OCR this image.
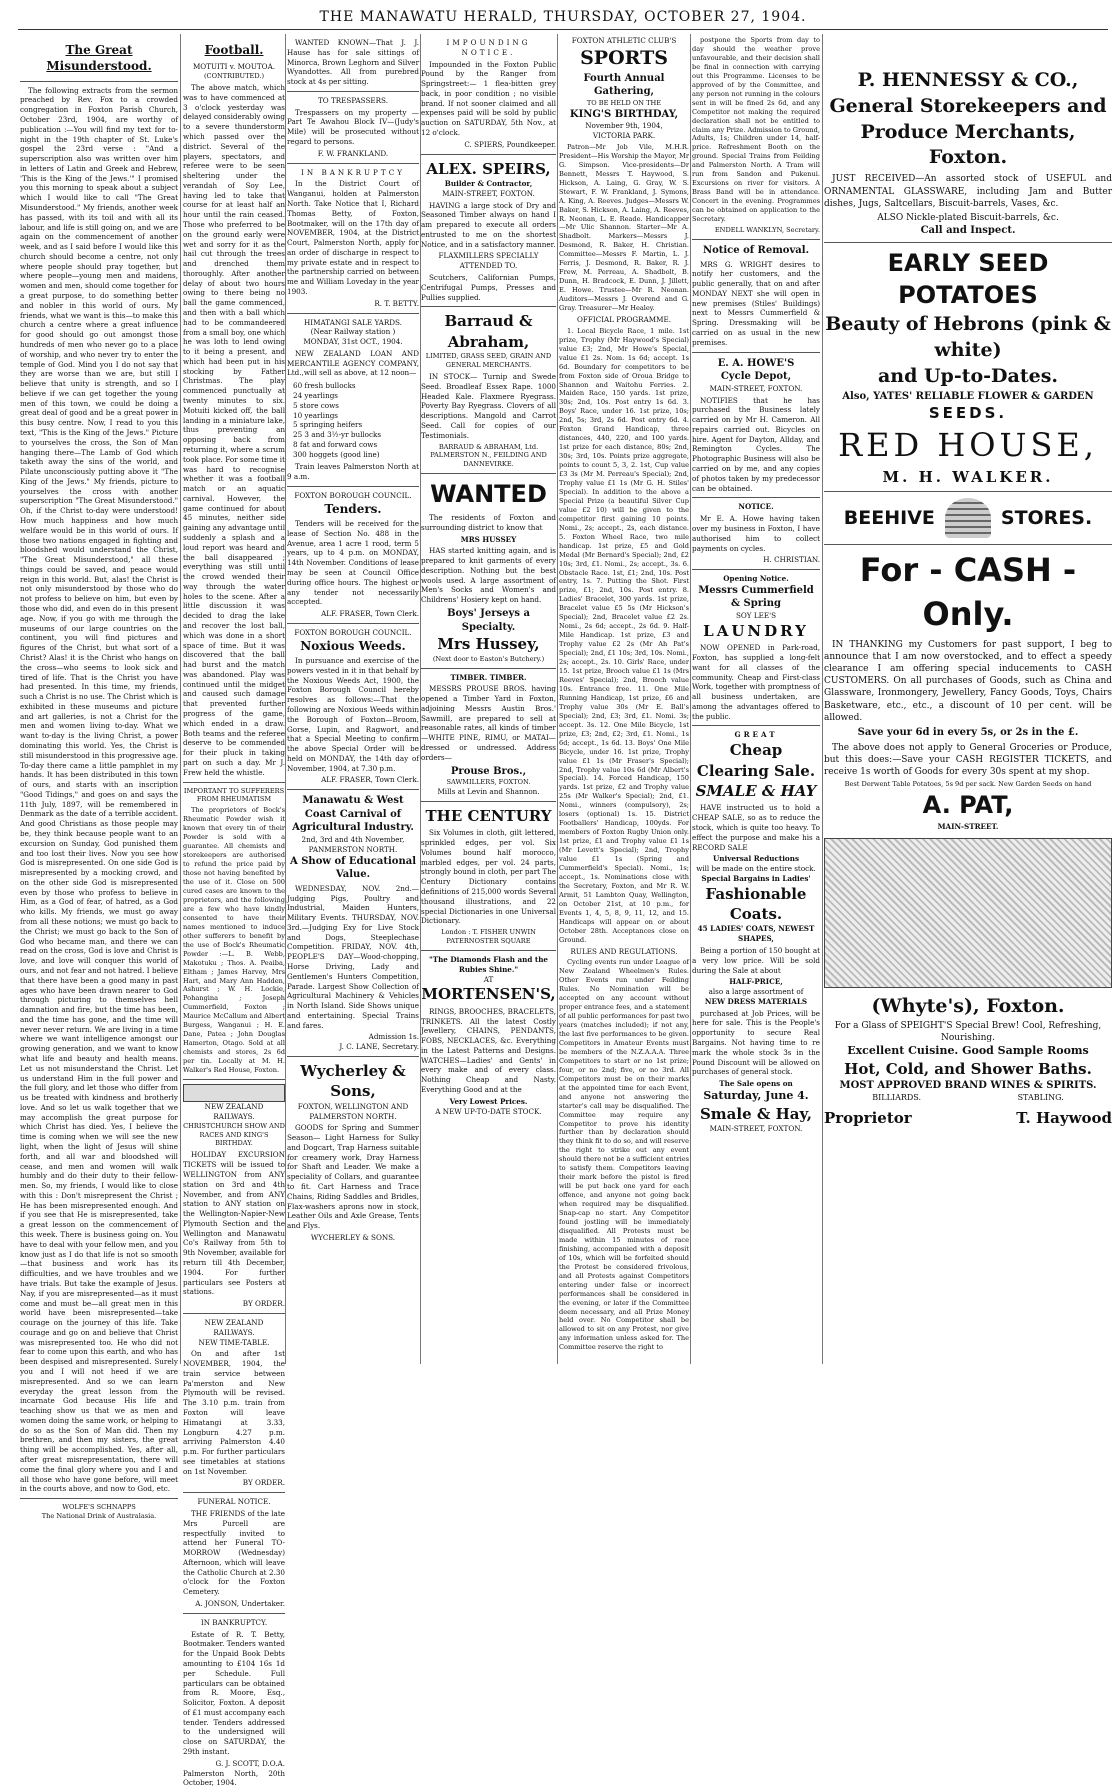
THE MANAWATU HERALD, THURSDAY, OCTOBER 27, 1904.
The Great Misunderstood.
The following extracts from the sermon preached by Rev. Fox to a crowded congregation in Foxton Parish Church, October 23rd, 1904, are worthy of publication :—You will find my text for to-night in the 19th chapter of St. Luke's gospel the 23rd verse : "And a superscription also was written over him in letters of Latin and Greek and Hebrew, 'This is the King of the Jews.'" I promised you this morning to speak about a subject which I would like to call "The Great Misunderstood." My friends, another week has passed, with its toil and with all its labour, and life is still going on, and we are again on the commencement of another week, and as I said before I would like this church should become a centre, not only where people should pray together, but where people—young men and maidens, women and men, should come together for a great purpose, to do something better and nobler in this world of ours. My friends, what we want is this—to make this church a centre where a great influence for good should go out amongst those hundreds of men who never go to a place of worship, and who never try to enter the temple of God. Mind you I do not say that they are worse than we are, but still I believe that unity is strength, and so I believe if we can get together the young men of this town, we could be doing a great deal of good and be a great power in this busy centre. Now, I read to you this text, "This is the King of the Jews." Picture to yourselves the cross, the Son of Man hanging there—The Lamb of God which taketh away the sins of the world, and Pilate unconsciously putting above it "The King of the Jews." My friends, picture to yourselves the cross with another superscription "The Great Misunderstood." Oh, if the Christ to-day were understood! How much happiness and how much welfare would be in this world of ours. If those two nations engaged in fighting and bloodshed would understand the Christ, "The Great Misunderstood," all these things could be saved, and peace would reign in this world. But, alas! the Christ is not only misunderstood by those who do not profess to believe on him, but even by those who did, and even do in this present age. Now, if you go with me through the museums of our large countries on the continent, you will find pictures and figures of the Christ, but what sort of a Christ? Alas! it is the Christ who hangs on the cross—who seems to look sick and tired of life. That is the Christ you have had presented. In this time, my friends, such a Christ is no use. The Christ which is exhibited in these museums and picture and art galleries, is not a Christ for the men and women living to-day. What we want to-day is the living Christ, a power dominating this world. Yes, the Christ is still misunderstood in this progressive age. To-day there came a little pamphlet in my hands. It has been distributed in this town of ours, and starts with an inscription "Good Tidings," and goes on and says the 11th July, 1897, will be remembered in Denmark as the date of a terrible accident. And good Christians as those people may be, they think because people want to an excursion on Sunday, God punished them and too lost their lives. Now you see how God is misrepresented. On one side God is misrepresented by a mocking crowd, and on the other side God is misrepresented even by those who profess to believe in Him, as a God of fear, of hatred, as a God who kills. My friends, we must go away from all these notions; we must go back to the Christ; we must go back to the Son of God who became man, and there we can read on the cross, God is love and Christ is love, and love will conquer this world of ours, and not fear and not hatred. I believe that there have been a good many in past ages who have been drawn nearer to God through picturing to themselves hell damnation and fire, but the time has been, and the time has gone, and the time will never never return. We are living in a time where we want intelligence amongst our growing generation, and we want to know what life and beauty and health means. Let us not misunderstand the Christ. Let us understand Him in the full power and the full glory, and let those who differ from us be treated with kindness and brotherly love. And so let us walk together that we may accomplish the great purpose for which Christ has died. Yes, I believe the time is coming when we will see the new light, when the light of Jesus will shine forth, and all war and bloodshed will cease, and men and women will walk humbly and do their duty to their fellow-men. So, my friends, I would like to close with this : Don't misrepresent the Christ ; He has been misrepresented enough. And if you see that He is misrepresented, take a great lesson on the commencement of this week. There is business going on. You have to deal with your fellow men, and you know just as I do that life is not so smooth—that business and work has its difficulties, and we have troubles and we have trials. But take the example of Jesus. Nay, if you are misrepresented—as it must come and must be—all great men in this world have been misrepresented—take courage on the journey of this life. Take courage and go on and believe that Christ was misrepresented too. He who did not fear to come upon this earth, and who has been despised and misrepresented. Surely you and I will not heed if we are misrepresented. And so we can learn everyday the great lesson from the incarnate God because His life and teaching show us that we as men and women doing the same work, or helping to do so as the Son of Man did. Then my brethren, and then my sisters, the great thing will be accomplished. Yes, after all, after great misrepresentation, there will come the final glory where you and I and all those who have gone before, will meet in the courts above, and now to God, etc.
WOLFE'S SCHNAPPS
The National Drink of Australasia.
Football.
MOTUITI v. MOUTOA.
(CONTRIBUTED.)
The above match, which was to have commenced at 3 o'clock yesterday was delayed considerably owing to a severe thunderstorm which passed over the district. Several of the players, spectators, and referee were to be seen sheltering under the verandah of Soy Lee, having led to take that course for at least half an hour until the rain ceased. Those who preferred to be on the ground early were wet and sorry for it as the hail cut through the trees and drenched them thoroughly. After another delay of about two hours owing to there being no ball the game commenced, and then with a ball which had to be commandeered from a small boy, one which he was loth to lend owing to it being a present, and which had been put in his stocking by Father Christmas. The play commenced punctually at twenty minutes to six. Motuiti kicked off, the ball landing in a miniature lake, thus preventing an opposing back from returning it, where a scrum took place. For some time it was hard to recognise whether it was a football match or an aquatic carnival. However, the game continued for about 45 minutes, neither side gaining any advantage until suddenly a splash and a loud report was heard and the ball disappeared ; everything was still until the crowd wended their way through the water holes to the scene. After a little discussion it was decided to drag the lake and recover the lost ball, which was done in a short space of time. But it was discovered that the ball had burst and the match was abandoned. Play was continued until the midget and caused such damage that prevented further progress of the game, which ended in a draw. Both teams and the referee deserve to be commended for their pluck in taking part on such a day. Mr J. Frew held the whistle.
IMPORTANT TO SUFFERERS FROM RHEUMATISM
The proprietors of Bock's Rheumatic Powder wish it known that every tin of their Powder is sold with a guarantee. All chemists and storekeepers are authorised to refund the price paid by those not having benefited by the use of it. Close on 500 cured cases are known to the proprietors, and the following are a few who have kindly consented to have their names mentioned to induce other sufferers to benefit by the use of Bock's Rheumatic Powder :—L. B. Webb, Makotuku ; Thos. A. Peaiba, Eltham ; James Harvey, Mrs Hart, and Mary Ann Hadden, Ashurst ; W. H. Lockie, Pohangina ; Joseph Cummerfield, Foxton ; Maurice McCallum and Albert Burgess, Wanganui ; H. E. Dane, Patea ; John Douglas Hamerton, Otago. Sold at all chemists and stores, 2s 6d per tin. Locally at M. H. Walker's Red House, Foxton.
NEW ZEALAND RAILWAYS.
CHRISTCHURCH SHOW AND RACES AND KING'S BIRTHDAY.
HOLIDAY EXCURSION TICKETS will be issued to WELLINGTON from ANY station on 3rd and 4th November, and from ANY station to ANY station on the Wellington-Napier-New Plymouth Section and the Wellington and Manawatu Co's Railway from 5th to 9th November, available for return till 4th December, 1904. For further particulars see Posters at stations.
BY ORDER.
NEW ZEALAND RAILWAYS.
NEW TIME-TABLE.
On and after 1st NOVEMBER, 1904, the train service between Pa'merston and New Plymouth will be revised. The 3.10 p.m. train from Foxton will leave Himatangi at 3.33, Longburn 4.27 p.m. arriving Palmerston 4.40 p.m. For further particulars see timetables at stations on 1st November.
BY ORDER.
FUNERAL NOTICE.
THE FRIENDS of the late Mrs Purcell are respectfully invited to attend her Funeral TO-MORROW (Wednesday) Afternoon, which will leave the Catholic Church at 2.30 o'clock for the Foxton Cemetery.
A. JONSON, Undertaker.
IN BANKRUPTCY.
Estate of R. T. Betty, Bootmaker. Tenders wanted for the Unpaid Book Debts amounting to £104 16s 1d per Schedule. Full particulars can be obtained from R. Moore, Esq., Solicitor, Foxton. A deposit of £1 must accompany each tender. Tenders addressed to the undersigned will close on SATURDAY, the 29th instant.
G. J. SCOTT, D.O.A.
Palmerston North, 20th October, 1904.
WANTED KNOWN—That J. J. Hause has for sale sittings of Minorca, Brown Leghorn and Silver Wyandottes. All from purebred stock at 4s per sitting.
TO TRESPASSERS.
Trespassers on my property —Part Te Awahou Block IV—(Judy's Mile) will be prosecuted without regard to persons.
F. W. FRANKLAND.
IN BANKRUPTCY
In the District Court of Wanganui, holden at Palmerston North. Take Notice that I, Richard Thomas Betty, of Foxton, Bootmaker, will on the 17th day of NOVEMBER, 1904, at the District Court, Palmerston North, apply for an order of discharge in respect to my private estate and in respect to the partnership carried on between me and William Loveday in the year 1903.
R. T. BETTY.
HIMATANGI SALE YARDS.
(Near Railway station )
MONDAY, 31st OCT., 1904.
NEW ZEALAND LOAN AND MERCANTILE AGENCY COMPANY, Ltd.,will sell as above, at 12 noon—
60 fresh bullocks
24 yearlings
5 store cows
10 yearlings
5 springing heifers
25 3 and 3½-yr bullocks
8 fat and forward cows
300 hoggets (good line)
Train leaves Palmerston North at 9 a.m.
FOXTON BOROUGH COUNCIL.
Tenders.
Tenders will be received for the lease of Section No. 488 in the Avenue, area 1 acre 1 rood, term 5 years, up to 4 p.m. on MONDAY, 14th November. Conditions of lease may be seen at Council Office during office hours. The highest or any tender not necessarily accepted.
ALF. FRASER, Town Clerk.
FOXTON BOROUGH COUNCIL.
Noxious Weeds.
In pursuance and exercise of the powers vested in it in that behalf by the Noxious Weeds Act, 1900, the Foxton Borough Council hereby resolves as follows:—That the following are Noxious Weeds within the Borough of Foxton—Broom, Gorse, Lupin, and Ragwort, and that a Special Meeting to confirm the above Special Order will be held on MONDAY, the 14th day of November, 1904, at 7.30 p.m.
ALF. FRASER, Town Clerk.
Manawatu & West Coast Carnival of Agricultural Industry.
2nd, 3rd and 4th November, PANMERSTON NORTH.
A Show of Educational Value.
WEDNESDAY, NOV. 2nd.—Judging Pigs, Poultry and Industrial, Maiden Hunters, Military Events. THURSDAY, NOV. 3rd.—Judging Exy for Live Stock and Dogs, Steeplechase Competition. FRIDAY, NOV. 4th, PEOPLE'S DAY—Wood-chopping, Horse Driving, Lady and Gentlemen's Hunters Competition, Parade. Largest Show Collection of Agricultural Machinery & Vehicles in North Island. Side Shows unique and entertaining. Special Trains and fares.
Admission 1s.
J. C. LANE, Secretary.
Wycherley & Sons,
FOXTON, WELLINGTON AND PALMERSTON NORTH.
GOODS for Spring and Summer Season— Light Harness for Sulky and Dogcart, Trap Harness suitable for creamery work, Dray Harness for Shaft and Leader. We make a speciality of Collars, and guarantee to fit. Cart Harness and Trace Chains, Riding Saddles and Bridles, Flax-washers aprons now in stock, Leather Oils and Axle Grease, Tents and Flys.
WYCHERLEY & SONS.
IMPOUNDING NOTICE.
Impounded in the Foxton Public Pound by the Ranger from Springstreet:— 1 flea-bitten grey back, in poor condition ; no visible brand. If not sooner claimed and all expenses paid will be sold by public auction on SATURDAY, 5th Nov., at 12 o'clock.
C. SPIERS, Poundkeeper.
ALEX. SPEIRS,
Builder & Contractor,
MAIN-STREET, FOXTON.
HAVING a large stock of Dry and Seasoned Timber always on hand I am prepared to execute all orders entrusted to me on the shortest Notice, and in a satisfactory manner.
FLAXMILLERS SPECIALLY ATTENDED TO.
Scutchers, Californian Pumps, Centrifugal Pumps, Presses and Pullies supplied.
Barraud & Abraham,
LIMITED, GRASS SEED, GRAIN AND GENERAL MERCHANTS.
IN STOCK— Turnip and Swede Seed. Broadleaf Essex Rape. 1000 Headed Kale. Flaxmere Ryegrass. Poverty Bay Ryegrass. Clovers of all descriptions. Mangold and Carrot Seed. Call for copies of our Testimonials.
BARRAUD & ABRAHAM, Ltd. PALMERSTON N., FEILDING AND DANNEVIRKE.
WANTED
The residents of Foxton and surrounding district to know that
MRS HUSSEY
HAS started knitting again, and is prepared to knit garments of every description. Nothing but the best wools used. A large assortment of Men's Socks and Women's and Childrens' Hosiery kept on hand.
Boys' Jerseys a Specialty.
Mrs Hussey,
(Next door to Easton's Butchery.)
TIMBER. TIMBER.
MESSRS PROUSE BROS. having opened a Timber Yard in Foxton, adjoining Messrs Austin Bros.' Sawmill, are prepared to sell at reasonable rates, all kinds of timber—WHITE PINE, RIMU, or MATAI—dressed or undressed. Address orders—
Prouse Bros.,
SAWMILLERS, FOXTON.
Mills at Levin and Shannon.
THE CENTURY
Six Volumes in cloth, gilt lettered, sprinkled edges, per vol. Six Volumes bound half morocco, marbled edges, per vol. 24 parts, strongly bound in cloth, per part The Century Dictionary contains definitions of 215,000 words Several thousand illustrations, and 22 special Dictionaries in one Universal Dictionary.
London : T. FISHER UNWIN PATERNOSTER SQUARE
"The Diamonds Flash and the Rubies Shine."
AT
MORTENSEN'S,
RINGS, BROOCHES, BRACELETS, TRINKETS. All the latest Costly Jewellery, CHAINS, PENDANTS, FOBS, NECKLACES, &c. Everything in the Latest Patterns and Designs. WATCHES—Ladies' and Gents' in every make and of every class. Nothing Cheap and Nasty. Everything Good and at the
Very Lowest Prices.
A NEW UP-TO-DATE STOCK.
FOXTON ATHLETIC CLUB'S
SPORTS
Fourth Annual Gathering,
TO BE HELD ON THE
KING'S BIRTHDAY,
November 9th, 1904,
VICTORIA PARK.
Patron—Mr Job Vile, M.H.R. President—His Worship the Mayor, Mr G. Simpson. Vice-presidents—Dr Bennett, Messrs T. Haywood, S. Hickson, A. Laing, G. Gray, W. S. Stewart, F. W. Frankland, J. Symons, A. King, A. Reeves. Judges—Messrs W. Baker, S. Hickson, A. Laing, A. Reeves, R. Neonan, L. E. Reade. Handicapper—Mr Ulic Shannon. Starter—Mr A. Shadbolt. Markers—Messrs J. Desmond, R. Baker, H. Christian. Committee—Messrs F. Martin, L. J. Ferris, J. Desmond, R. Baker, R. J. Frew, M. Perreau, A. Shadbolt, B. Dunn, H. Bradcock, E. Dunn, J. Jillett, E. Howe. Trustee—Mr R. Neonan. Auditors—Messrs J. Overend and G. Gray. Treasurer—Mr Healey.
OFFICIAL PROGRAMME.
1. Local Bicycle Race, 1 mile. 1st prize, Trophy (Mr Haywood's Special) value £3; 2nd, Mr Howe's Special, value £1 2s. Nom. 1s 6d; accept. 1s 6d. Boundary for competitors to be from Foxton side of Oroua Bridge to Shannon and Waitohu Ferries. 2. Maiden Race, 150 yards. 1st prize, 30s; 2nd, 10s. Post entry 1s 6d. 3. Boys' Race, under 16. 1st prize, 10s; 2nd, 5s; 3rd, 2s 6d. Post entry 6d. 4. Foxton Grand Handicap, three distances, 440, 220, and 100 yards. 1st prize for each distance, 80s; 2nd, 30s; 3rd, 10s. Points prize aggregate, points to count 5, 3, 2. 1st, Cup value £3 3s (Mr M. Perreau's Special); 2nd, Trophy value £1 1s (Mr G. H. Stiles' Special). In addition to the above a Special Prize (a beautiful Silver Cup value £2 10) will be given to the competitor first gaining 10 points. Nomi., 2s; accept., 2s, each distance. 5. Foxton Wheel Race, two mile handicap. 1st prize, £5 and Gold Medal (Mr Bernard's Special); 2nd, £2 10s; 3rd, £1. Nomi., 2s; accept., 3s. 6. Obstacle Race. 1st, £1; 2nd, 10s. Post entry, 1s. 7. Putting the Shot. First prize, £1; 2nd, 10s. Post entry. 8. Ladies' Bracelet, 300 yards. 1st prize, Bracelet value £5 5s (Mr Hickson's Special); 2nd, Bracelet value £2 2s. Nomi., 2s 6d; accept., 2s 6d. 9. Half-Mile Handicap. 1st prize, £3 and Trophy value £2 2s (Mr Ah Pat's Special); 2nd, £1 10s; 3rd, 10s. Nomi., 2s; accept., 2s. 10. Girls' Race, under 15. 1st prize, Brooch value £1 1s (Mrs Reeves' Special); 2nd, Brooch value 10s. Entrance free. 11. One Mile Running Handicap, 1st prize, £6 and Trophy value 30s (Mr E. Ball's Special); 2nd, £3; 3rd, £1. Nomi. 3s; accept. 3s. 12. One Mile Bicycle, 1st prize, £3; 2nd, £2; 3rd, £1. Nomi., 1s 6d; accept., 1s 6d. 13. Boys' One Mile Bicycle, under 16. 1st prize, Trophy value £1 1s (Mr Fraser's Special); 2nd, Trophy value 10s 6d (Mr Albert's Special). 14. Forced Handicap, 150 yards. 1st prize, £2 and Trophy value 25s (Mr Walker's Special); 2nd, £1. Nomi., winners (compulsory), 2s; losers (optional) 1s. 15. District Footballers' Handicap, 100yds. For members of Foxton Rugby Union only. 1st prize, £1 and Trophy value £1 1s (Mr Levett's Special); 2nd, Trophy value £1 1s (Spring and Cummerfield's Special). Nomi., 1s; accept., 1s. Nominations close with the Secretary, Foxton, and Mr R. W. Armit, 51 Lambton Quay, Wellington, on October 21st, at 10 p.m., for Events 1, 4, 5, 8, 9, 11, 12, and 15. Handicaps will appear on or about October 28th. Acceptances close on Ground.
RULES AND REGULATIONS.
Cycling events run under League of New Zealand Wheelmen's Rules. Other Events run under Feilding Rules. No Nomination will be accepted on any account without proper entrance fees, and a statement of all public performances for past two years (matches included); if not any, the last five performances to be given. Competitors in Amateur Events must be members of the N.Z.A.A.A. Three Competitors to start or no 1st prize; four, or no 2nd; five, or no 3rd. All Competitors must be on their marks at the appointed time for each Event, and anyone not answering the starter's call may be disqualified. The Committee may require any Competitor to prove his identity further than by declaration should they think fit to do so, and will reserve the right to strike out any event should there not be a sufficient entries to satisfy them. Competitors leaving their mark before the pistol is fired will be put back one yard for each offence, and anyone not going back when required may be disqualified. Snap-cap no start. Any Competitor found jostling will be immediately disqualified. All Protests must be made within 15 minutes of race finishing, accompanied with a deposit of 10s, which will be forfeited should the Protest be considered frivolous, and all Protests against Competitors entering under false or incorrect performances shall be considered in the evening, or later if the Committee deem necessary, and all Prize Money held over. No Competitor shall be allowed to sit on any Protest, nor give any information unless asked for. The Committee reserve the right to
postpone the Sports from day to day should the weather prove unfavourable, and their decision shall be final in connection with carrying out this Programme. Licenses to be approved of by the Committee, and any person not running in the colours sent in will be fined 2s 6d, and any Competitor not making the required declaration shall not be entitled to claim any Prize. Admission to Ground, Adults, 1s; Children under 14, half-price. Refreshment Booth on the ground. Special Trains from Feilding and Palmerston North. A Tram will run from Sandon and Pukenui. Excursions on river for visitors. A Brass Band will be in attendance. Concert in the evening. Programmes can be obtained on application to the Secretary.
ENDELL WANKLYN, Secretary.
Notice of Removal.
MRS G. WRIGHT desires to notify her customers, and the public generally, that on and after MONDAY NEXT she will open in new premises (Stiles' Buildings) next to Messrs Cummerfield & Spring. Dressmaking will be carried on as usual in the new premises.
E. A. HOWE'S
Cycle Depot,
MAIN-STREET, FOXTON.
NOTIFIES that he has purchased the Business lately carried on by Mr H. Cameron. All repairs carried out. Bicycles on hire. Agent for Dayton, Allday, and Remington Cycles. The Photographic Business will also be carried on by me, and any copies of photos taken by my predecessor can be obtained.
NOTICE.
Mr E. A. Howe having taken over my business in Foxton, I have authorised him to collect payments on cycles.
H. CHRISTIAN.
Opening Notice.
Messrs Cummerfield & Spring
SOY LEE'S
LAUNDRY
NOW OPENED in Park-road, Foxton, has supplied a long-felt want for all classes of the community. Cheap and First-class Work, together with promptness of all business undertaken, are among the advantages offered to the public.
GREAT
Cheap Clearing Sale.
SMALE & HAY
HAVE instructed us to hold a CHEAP SALE, so as to reduce the stock, which is quite too heavy. To effect the purpose and make his a RECORD SALE
Universal Reductions
will be made on the entire stock.
Special Bargains in Ladies'
Fashionable Coats.
45 LADIES' COATS, NEWEST SHAPES,
Being a portion of 150 bought at a very low price. Will be sold during the Sale at about
HALF-PRICE,
also a large assortment of
NEW DRESS MATERIALS
purchased at Job Prices, will be here for sale. This is the People's opportunity to secure Real Bargains. Not having time to re mark the whole stock 3s in the Pound Discount will be allowed on purchases of general stock.
The Sale opens on
Saturday, June 4.
Smale & Hay,
MAIN-STREET, FOXTON.
P. HENNESSY & CO.,
General Storekeepers and Produce Merchants, Foxton.
JUST RECEIVED—An assorted stock of USEFUL and ORNAMENTAL GLASSWARE, including Jam and Butter dishes, Jugs, Saltcellars, Biscuit-barrels, Vases, &c.
ALSO Nickle-plated Biscuit-barrels, &c.
Call and Inspect.
EARLY SEED POTATOES
Beauty of Hebrons (pink & white)
and Up-to-Dates.
Also, YATES' RELIABLE FLOWER & GARDEN
SEEDS.
RED HOUSE,
M. H. WALKER.
BEEHIVE	STORES.
For - CASH - Only.
IN THANKING my Customers for past support, I beg to announce that I am now overstocked, and to effect a speedy clearance I am offering special inducements to CASH CUSTOMERS. On all purchases of Goods, such as China and Glassware, Ironmongery, Jewellery, Fancy Goods, Toys, Chairs Basketware, etc., etc., a discount of 10 per cent. will be allowed.
Save your 6d in every 5s, or 2s in the £.
The above does not apply to General Groceries or Produce, but this does:—Save your CASH REGISTER TICKETS, and receive 1s worth of Goods for every 30s spent at my shop.
Best Derwent Table Potatoes, 5s 9d per sack. New Garden Seeds on hand
A. PAT,
MAIN-STREET.
(Whyte's), Foxton.
For a Glass of SPEIGHT'S Special Brew! Cool, Refreshing, Nourishing.
Excellent Cuisine. Good Sample Rooms
Hot, Cold, and Shower Baths.
MOST APPROVED BRAND WINES & SPIRITS.
BILLIARDS.	STABLING.
Proprietor	T. Haywood
